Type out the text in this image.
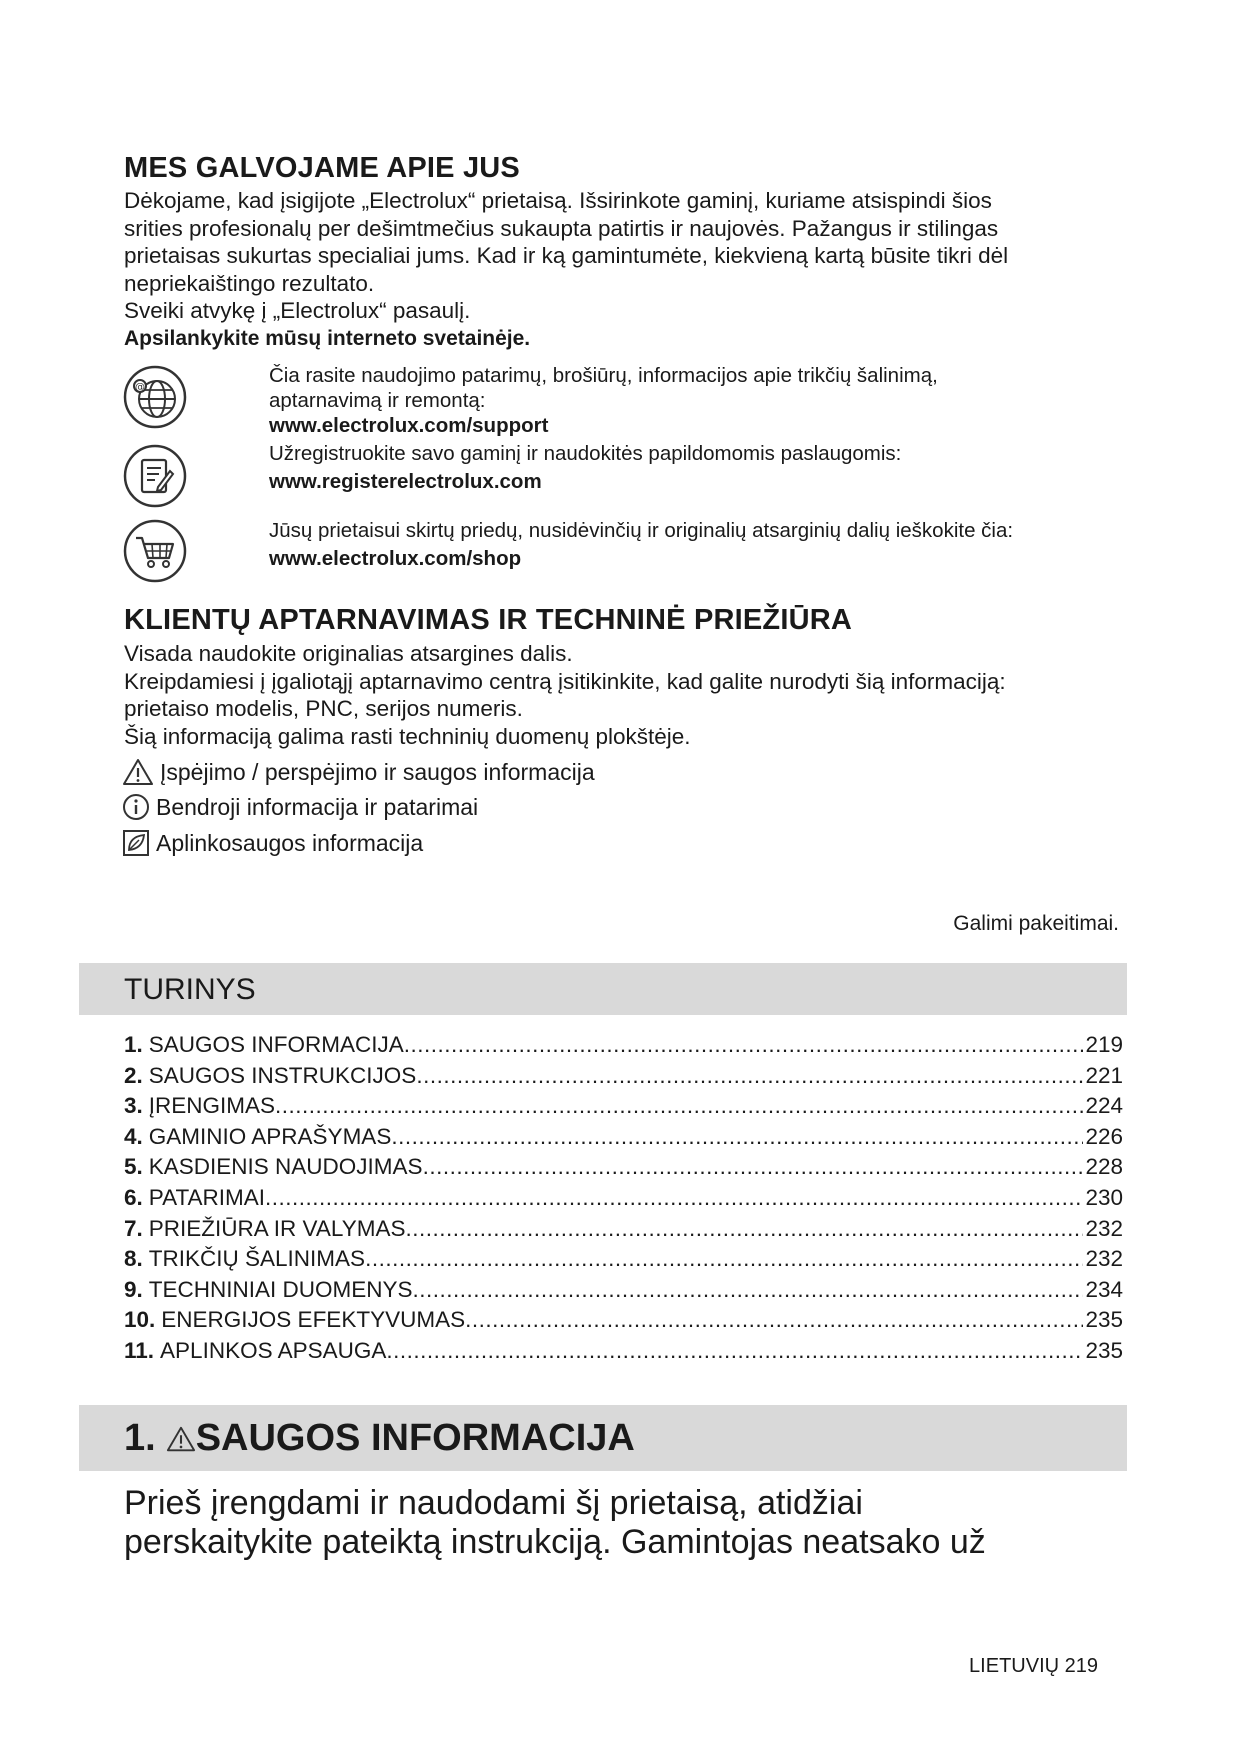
MES GALVOJAME APIE JUS

Dėkojame, kad įsigijote „Electrolux“ prietaisą. Išsirinkote gaminį, kuriame atsispindi šios

srities profesionalų per dešimtmečius sukaupta patirtis ir naujovės. Pažangus ir stilingas

prietaisas sukurtas specialiai jums. Kad ir ką gamintumėte, kiekvieną kartą būsite tikri dėl

nepriekaištingo rezultato.

Sveiki atvykę į „Electrolux“ pasaulį.

Apsilankykite mūsų interneto svetainėje.

@
Čia rasite naudojimo patarimų, brošiūrų, informacijos apie trikčių šalinimą,
aptarnavimą ir remontą:
www.electrolux.com/support
Užregistruokite savo gaminį ir naudokitės papildomomis paslaugomis:
www.registerelectrolux.com
Jūsų prietaisui skirtų priedų, nusidėvinčių ir originalių atsarginių dalių ieškokite čia:
www.electrolux.com/shop
KLIENTŲ APTARNAVIMAS IR TECHNINĖ PRIEŽIŪRA

Visada naudokite originalias atsargines dalis.

Kreipdamiesi į įgaliotąjį aptarnavimo centrą įsitikinkite, kad galite nurodyti šią informaciją:

prietaiso modelis, PNC, serijos numeris.

Šią informaciją galima rasti techninių duomenų plokštėje.

Įspėjimo / perspėjimo ir saugos informacija
Bendroji informacija ir patarimai
Aplinkosaugos informacija
Galimi pakeitimai.
TURINYS
1. SAUGOS INFORMACIJA .....	219
2. SAUGOS INSTRUKCIJOS .....	221
3. ĮRENGIMAS .....	224
4. GAMINIO APRAŠYMAS .....	226
5. KASDIENIS NAUDOJIMAS .....	228
6. PATARIMAI .....	230
7. PRIEŽIŪRA IR VALYMAS .....	232
8. TRIKČIŲ ŠALINIMAS .....	232
9. TECHNINIAI DUOMENYS .....	234
10. ENERGIJOS EFEKTYVUMAS .....	235
11. APLINKOS APSAUGA .....	235
1. SAUGOS INFORMACIJA
Prieš įrengdami ir naudodami šį prietaisą, atidžiai
perskaitykite pateiktą instrukciją. Gamintojas neatsako už
LIETUVIŲ 219
